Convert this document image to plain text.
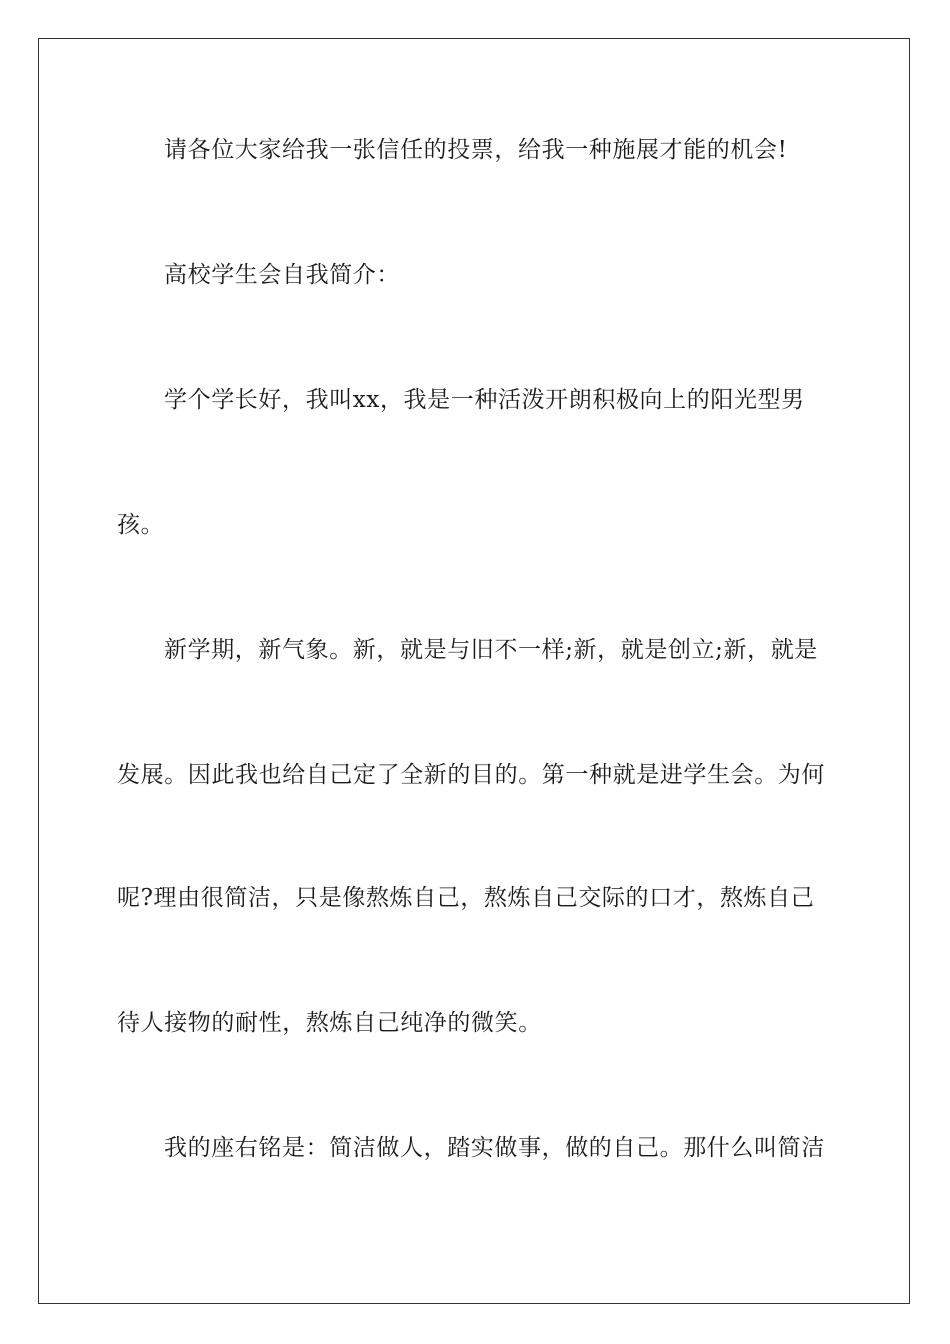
请各位大家给我一张信任的投票，给我一种施展才能的机会!
高校学生会自我简介：
学个学长好，我叫xx，我是一种活泼开朗积极向上的阳光型男
孩。
新学期，新气象。新，就是与旧不一样;新，就是创立;新，就是
发展。因此我也给自己定了全新的目的。第一种就是进学生会。为何
呢?理由很简洁，只是像熬炼自己，熬炼自己交际的口才，熬炼自己
待人接物的耐性，熬炼自己纯净的微笑。
我的座右铭是：简洁做人，踏实做事，做的自己。那什么叫简洁
